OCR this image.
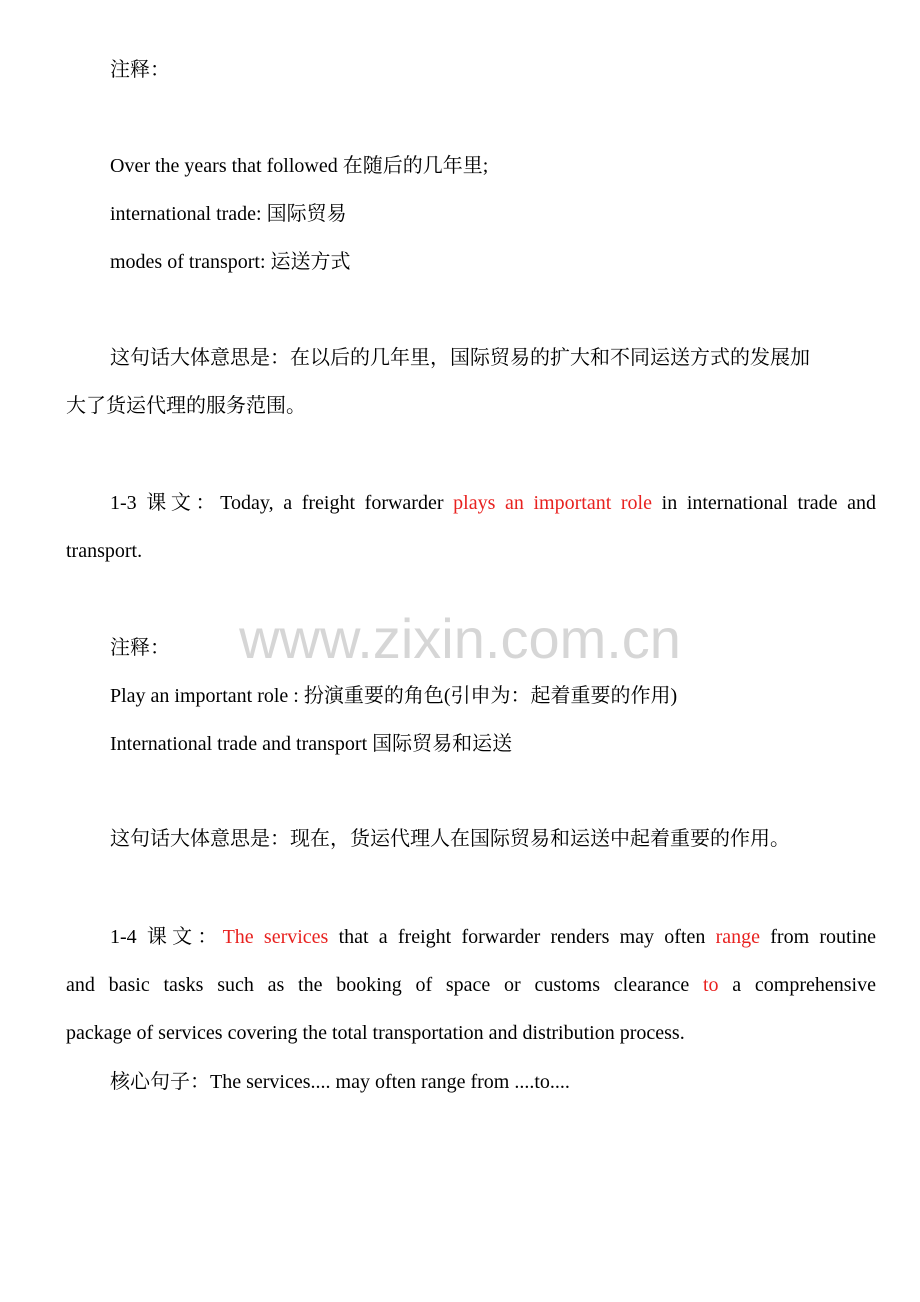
www.zixin.com.cn
注释：
Over the years that followed 在随后的几年里;
international trade: 国际贸易
modes of transport: 运送方式
这句话大体意思是：在以后的几年里，国际贸易的扩大和不同运送方式的发展加
大了货运代理的服务范围。
1-3 课文：Today, a freight forwarder plays an important role in international trade and
transport.
注释：
Play an important role : 扮演重要的角色(引申为：起着重要的作用)
International trade and transport 国际贸易和运送
这句话大体意思是：现在，货运代理人在国际贸易和运送中起着重要的作用。
1-4 课文：The services that a freight forwarder renders may often range from routine
and basic tasks such as the booking of space or customs clearance to a comprehensive
package of services covering the total transportation and distribution process.
核心句子：The services.... may often range from ....to....
